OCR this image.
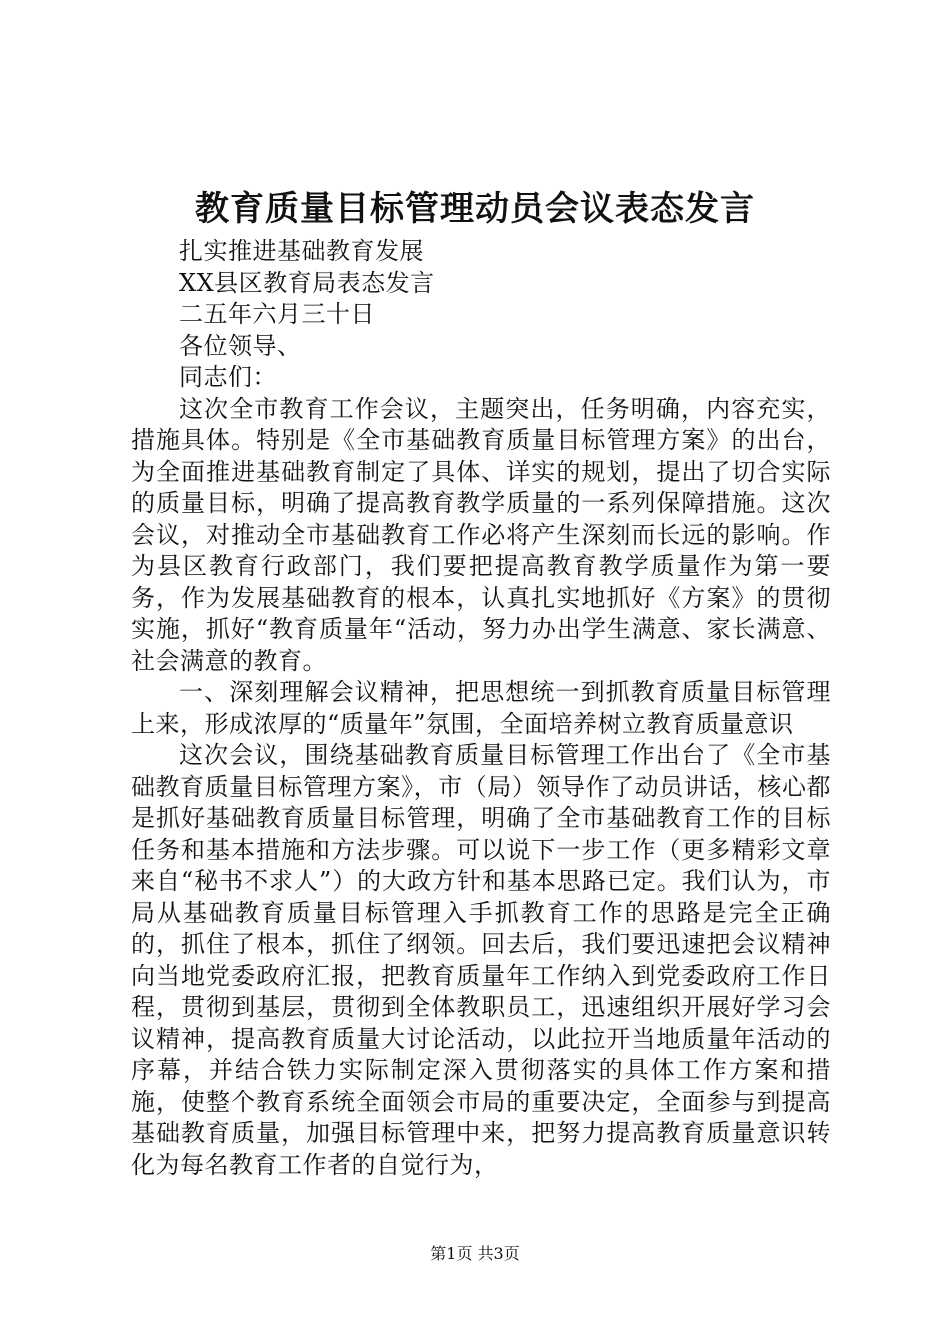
教育质量目标管理动员会议表态发言

扎实推进基础教育发展

XX县区教育局表态发言

二五年六月三十日

各位领导、

同志们：

这次全市教育工作会议，主题突出，任务明确，内容充实，措施具体。特别是《全市基础教育质量目标管理方案》的出台，为全面推进基础教育制定了具体、详实的规划，提出了切合实际的质量目标，明确了提高教育教学质量的一系列保障措施。这次会议，对推动全市基础教育工作必将产生深刻而长远的影响。作为县区教育行政部门，我们要把提高教育教学质量作为第一要务，作为发展基础教育的根本，认真扎实地抓好《方案》的贯彻实施，抓好“教育质量年“活动，努力办出学生满意、家长满意、社会满意的教育。

一、深刻理解会议精神，把思想统一到抓教育质量目标管理上来，形成浓厚的“质量年”氛围，全面培养树立教育质量意识

这次会议，围绕基础教育质量目标管理工作出台了《全市基础教育质量目标管理方案》，市（局）领导作了动员讲话，核心都是抓好基础教育质量目标管理，明确了全市基础教育工作的目标任务和基本措施和方法步骤。可以说下一步工作（更多精彩文章来自“秘书不求人”）的大政方针和基本思路已定。我们认为，市局从基础教育质量目标管理入手抓教育工作的思路是完全正确的，抓住了根本，抓住了纲领。回去后，我们要迅速把会议精神向当地党委政府汇报，把教育质量年工作纳入到党委政府工作日程，贯彻到基层，贯彻到全体教职员工，迅速组织开展好学习会议精神，提高教育质量大讨论活动，以此拉开当地质量年活动的序幕，并结合铁力实际制定深入贯彻落实的具体工作方案和措施，使整个教育系统全面领会市局的重要决定，全面参与到提高基础教育质量，加强目标管理中来，把努力提高教育质量意识转化为每名教育工作者的自觉行为，

第1页 共3页
